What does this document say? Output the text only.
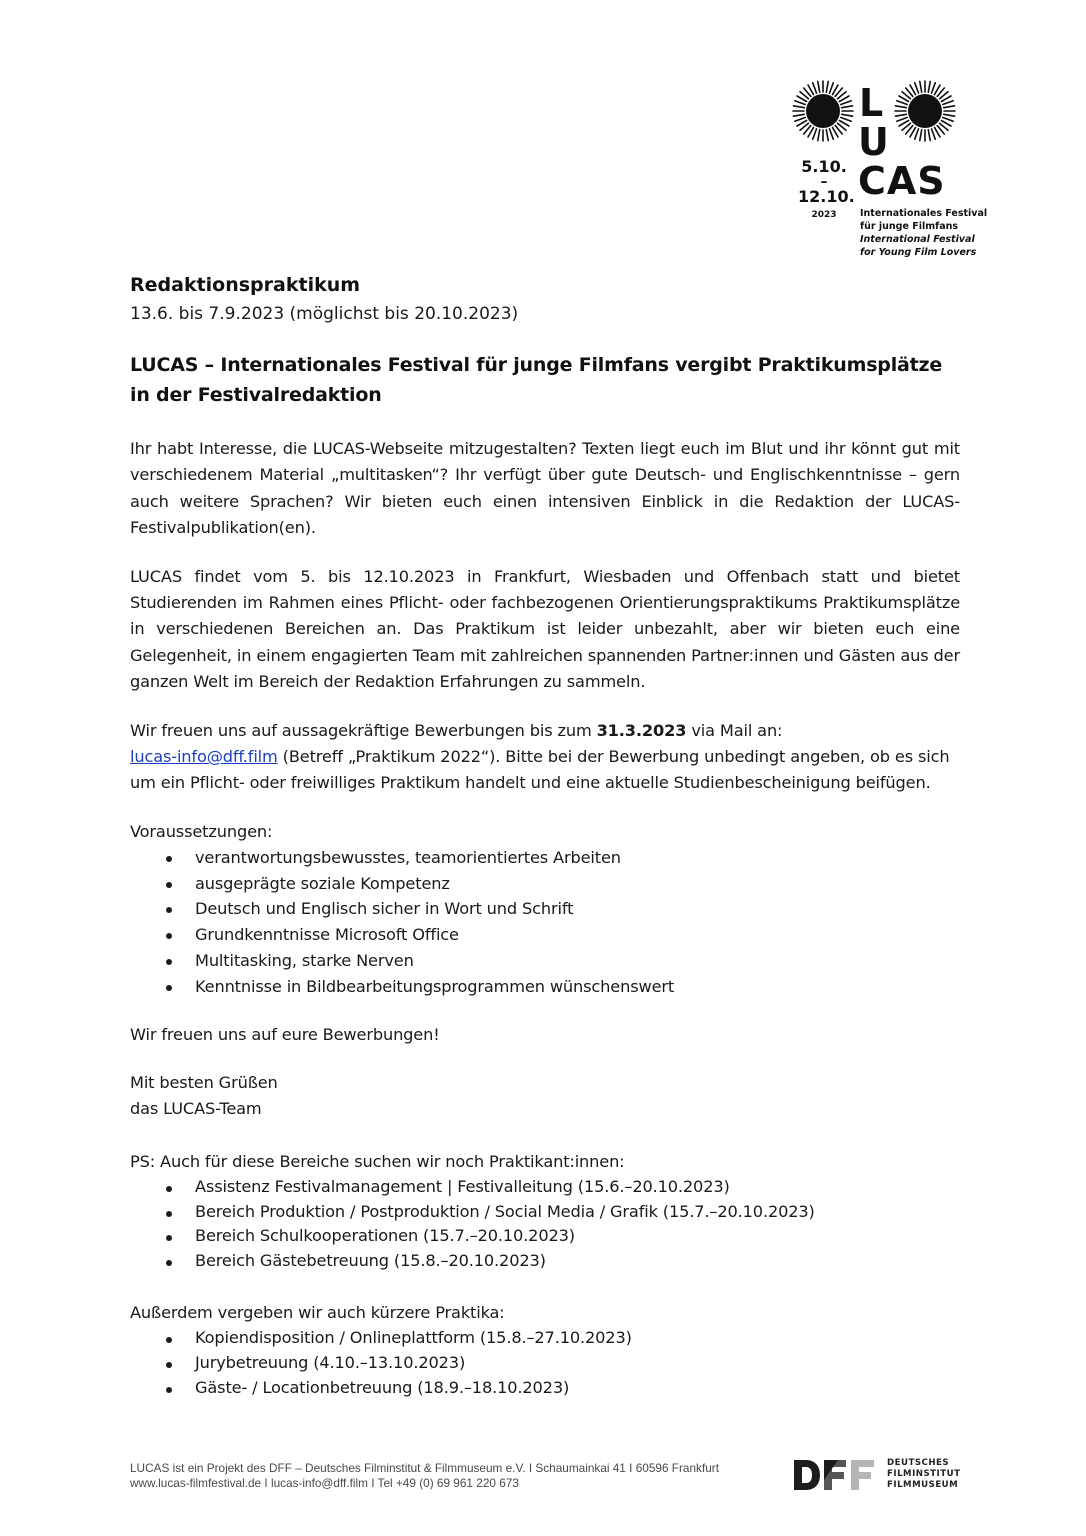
L
U
CAS
5.10.
–
12.10.
2023	Internationales Festival
für junge Filmfans
International Festival
for Young Film Lovers
Redaktionspraktikum
13.6. bis 7.9.2023 (möglichst bis 20.10.2023)
LUCAS – Internationales Festival für junge Filmfans vergibt Praktikumsplätze in der Festivalredaktion

Ihr habt Interesse, die LUCAS-Webseite mitzugestalten? Texten liegt euch im Blut und ihr könnt gut mit verschiedenem Material „multitasken“? Ihr verfügt über gute Deutsch- und Englischkenntnisse – gern auch weitere Sprachen? Wir bieten euch einen intensiven Einblick in die Redaktion der LUCAS-Festivalpublikation(en).

LUCAS findet vom 5. bis 12.10.2023 in Frankfurt, Wiesbaden und Offenbach statt und bietet Studierenden im Rahmen eines Pflicht- oder fachbezogenen Orientierungspraktikums Praktikumsplätze in verschiedenen Bereichen an. Das Praktikum ist leider unbezahlt, aber wir bieten euch eine Gelegenheit, in einem engagierten Team mit zahlreichen spannenden Partner:innen und Gästen aus der ganzen Welt im Bereich der Redaktion Erfahrungen zu sammeln.

Wir freuen uns auf aussagekräftige Bewerbungen bis zum 31.3.2023 via Mail an:
lucas-info@dff.film (Betreff „Praktikum 2022“). Bitte bei der Bewerbung unbedingt angeben, ob es sich um ein Pflicht- oder freiwilliges Praktikum handelt und eine aktuelle Studienbescheinigung beifügen.

Voraussetzungen:
verantwortungsbewusstes, teamorientiertes Arbeiten
ausgeprägte soziale Kompetenz
Deutsch und Englisch sicher in Wort und Schrift
Grundkenntnisse Microsoft Office
Multitasking, starke Nerven
Kenntnisse in Bildbearbeitungsprogrammen wünschenswert

Wir freuen uns auf eure Bewerbungen!

Mit besten Grüßen
das LUCAS-Team

PS: Auch für diese Bereiche suchen wir noch Praktikant:innen:
Assistenz Festivalmanagement | Festivalleitung (15.6.–20.10.2023)
Bereich Produktion / Postproduktion / Social Media / Grafik (15.7.–20.10.2023)
Bereich Schulkooperationen (15.7.–20.10.2023)
Bereich Gästebetreuung (15.8.–20.10.2023)
Außerdem vergeben wir auch kürzere Praktika:
Kopiendisposition / Onlineplattform (15.8.–27.10.2023)
Jurybetreuung (4.10.–13.10.2023)
Gäste- / Locationbetreuung (18.9.–18.10.2023)
LUCAS ist ein Projekt des DFF – Deutsches Filminstitut & Filmmuseum e.V. I Schaumainkai 41 I 60596 Frankfurt
www.lucas-filmfestival.de I lucas-info@dff.film I Tel +49 (0) 69 961 220 673
DEUTSCHES
FILMINSTITUT
FILMMUSEUM
